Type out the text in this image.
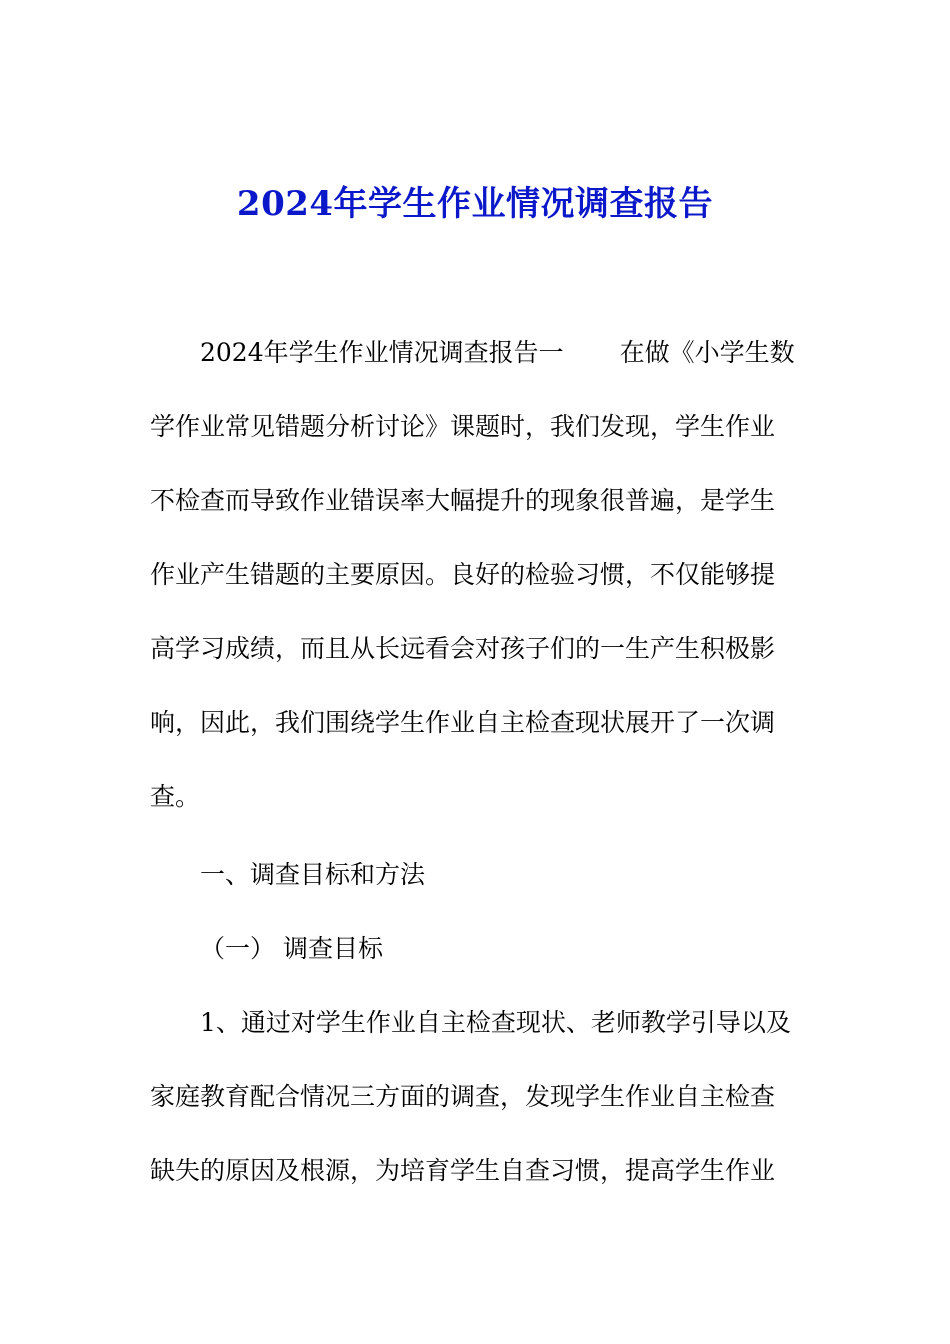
2024年学生作业情况调查报告
2024年学生作业情况调查报告一 在做《小学生数
学作业常见错题分析讨论》课题时，我们发现，学生作业
不检查而导致作业错误率大幅提升的现象很普遍，是学生
作业产生错题的主要原因。良好的检验习惯，不仅能够提
高学习成绩，而且从长远看会对孩子们的一生产生积极影
响，因此，我们围绕学生作业自主检查现状展开了一次调
查。
一、调查目标和方法
（一） 调查目标
1、通过对学生作业自主检查现状、老师教学引导以及
家庭教育配合情况三方面的调查，发现学生作业自主检查
缺失的原因及根源，为培育学生自查习惯，提高学生作业
